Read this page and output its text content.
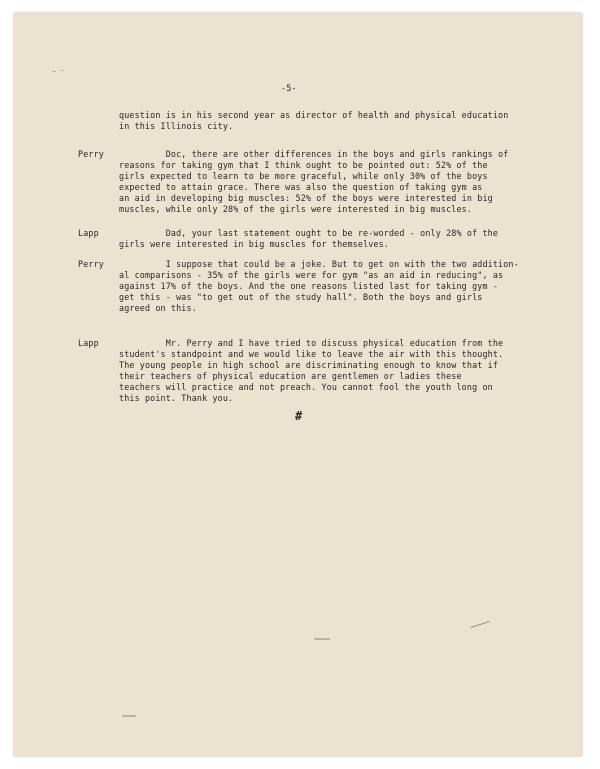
-5-
question is in his second year as director of health and physical education
in this Illinois city.
Perry Doc, there are other differences in the boys and girls rankings of
reasons for taking gym that I think ought to be pointed out: 52% of the
girls expected to learn to be more graceful, while only 30% of the boys
expected to attain grace. There was also the question of taking gym as
an aid in developing big muscles: 52% of the boys were interested in big
muscles, while only 28% of the girls were interested in big muscles.
Lapp Dad, your last statement ought to be re-worded - only 28% of the
girls were interested in big muscles for themselves.
Perry I suppose that could be a joke. But to get on with the two addition-
al comparisons - 35% of the girls were for gym "as an aid in reducing", as
against 17% of the boys. And the one reasons listed last for taking gym -
get this - was "to get out of the study hall". Both the boys and girls
agreed on this.
Lapp Mr. Perry and I have tried to discuss physical education from the
student's standpoint and we would like to leave the air with this thought.
The young people in high school are discriminating enough to know that if
their teachers of physical education are gentlemen or ladies these
teachers will practice and not preach. You cannot fool the youth long on
this point. Thank you.
#
